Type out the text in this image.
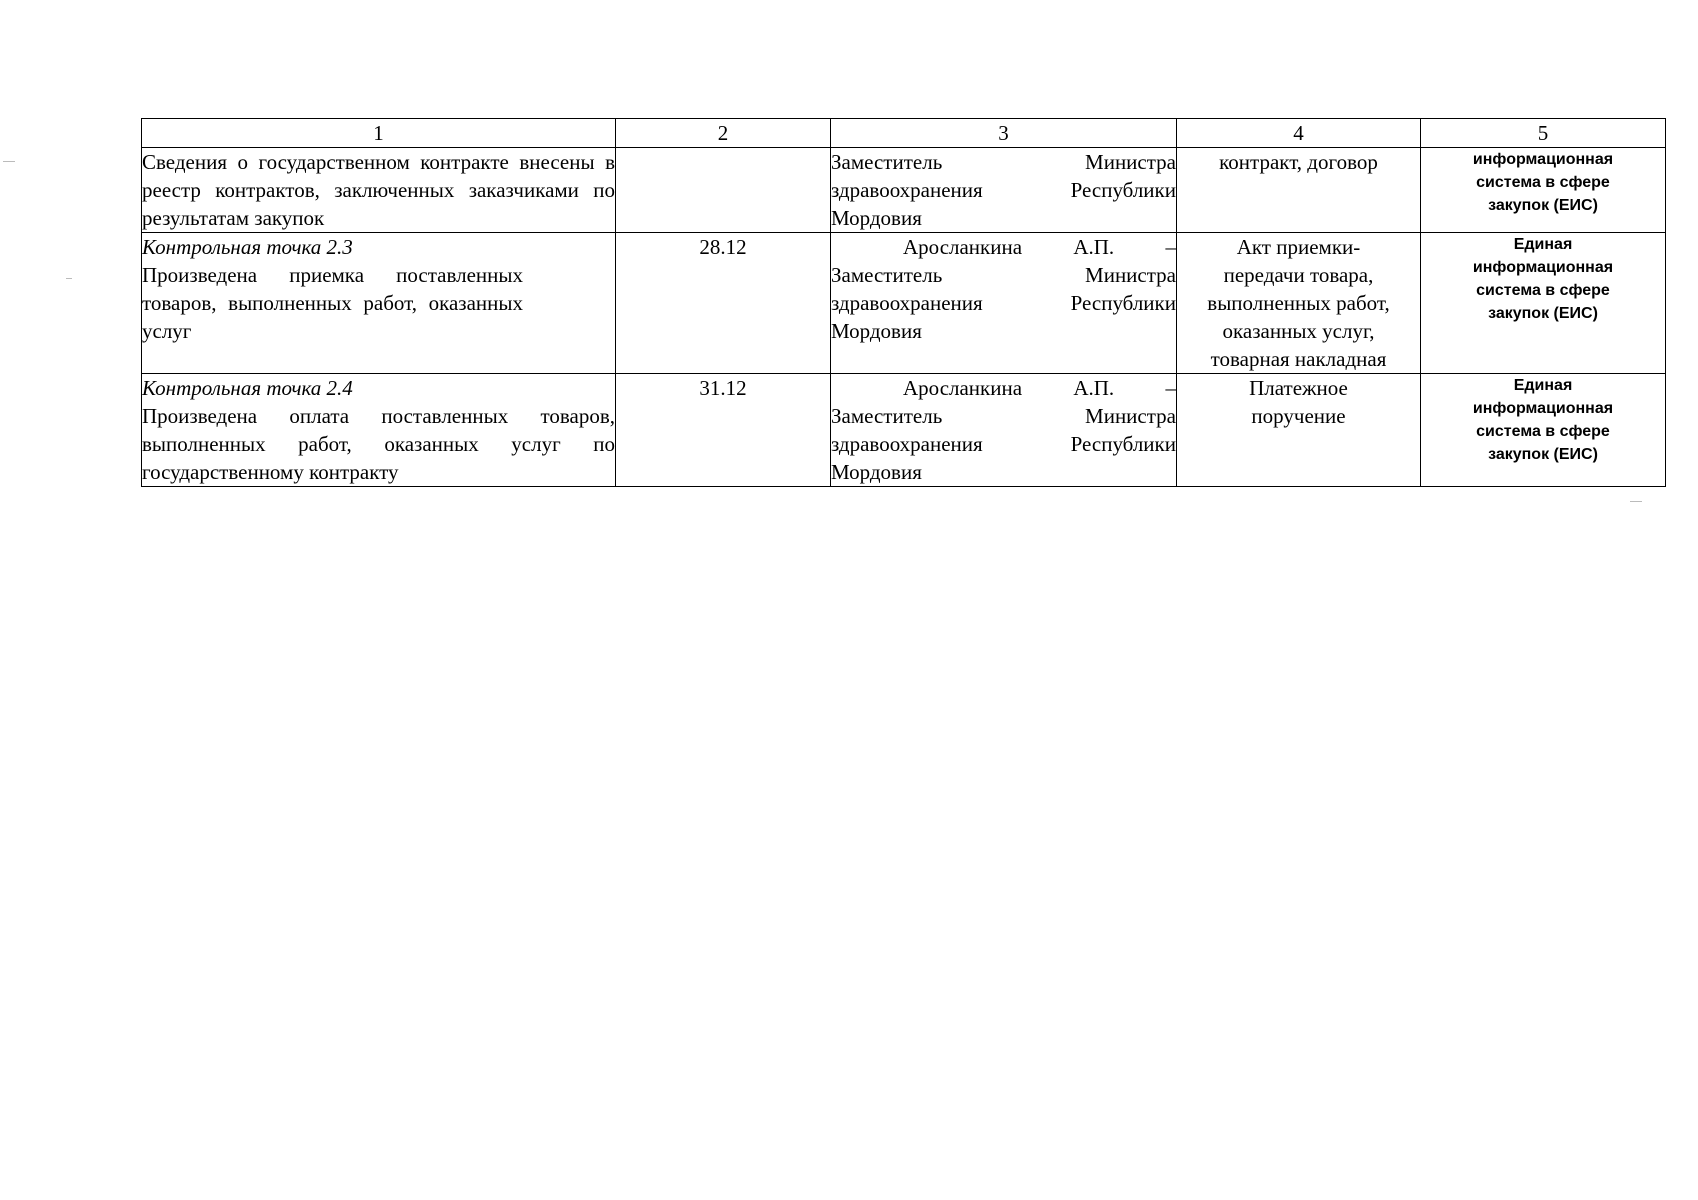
1	2	3	4	5

Сведения о государственном контракте внесены в реестр контрактов, заключенных заказчиками по результатам закупок		Заместитель Министра
здравоохранения Республики
Мордовия	контракт, договор	информационная
система в сфере
закупок (ЕИС)

Контрольная точка 2.3
Произведена приемка поставленных товаров, выполненных работ, оказанных услуг	28.12	Аросланкина А.П. –
Заместитель Министра
здравоохранения Республики
Мордовия	Акт приемки-
передачи товара,
выполненных работ,
оказанных услуг,
товарная накладная	Единая
информационная
система в сфере
закупок (ЕИС)

Контрольная точка 2.4
Произведена оплата поставленных товаров, выполненных работ, оказанных услуг по государственному контракту	31.12	Аросланкина А.П. –
Заместитель Министра
здравоохранения Республики
Мордовия	Платежное
поручение	Единая
информационная
система в сфере
закупок (ЕИС)
